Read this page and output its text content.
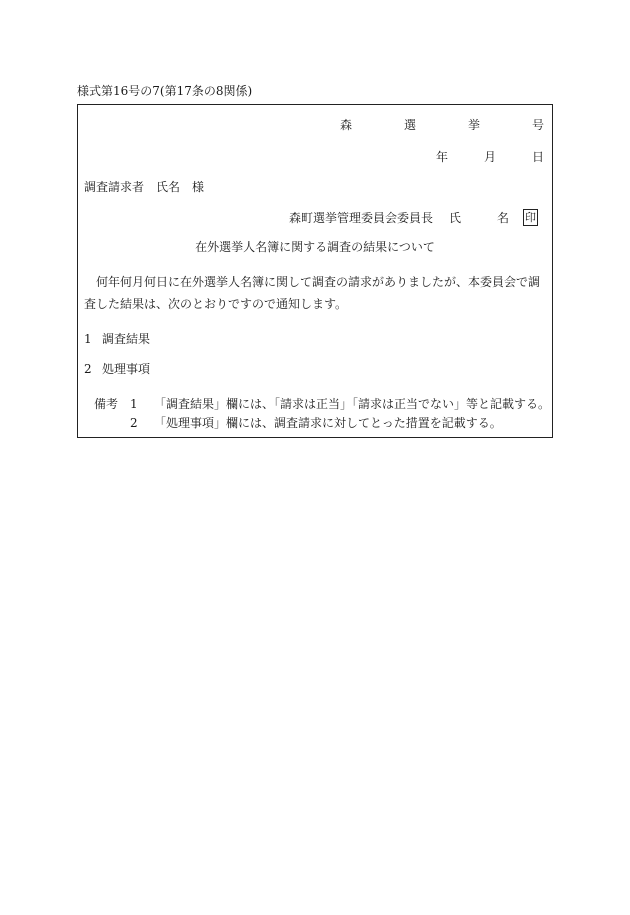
様式第16号の7(第17条の8関係)
森　選　挙　号
年	月	日
調査請求者　氏名　様
森町選挙管理委員会委員長 氏　名 印
在外選挙人名簿に関する調査の結果について
何年何月何日に在外選挙人名簿に関して調査の請求がありましたが、本委員会で調査した結果は、次のとおりですので通知します。
1 調査結果
2 処理事項
備考 1	「調査結果」欄には、「請求は正当」「請求は正当でない」等と記載する。
2	「処理事項」欄には、調査請求に対してとった措置を記載する。
